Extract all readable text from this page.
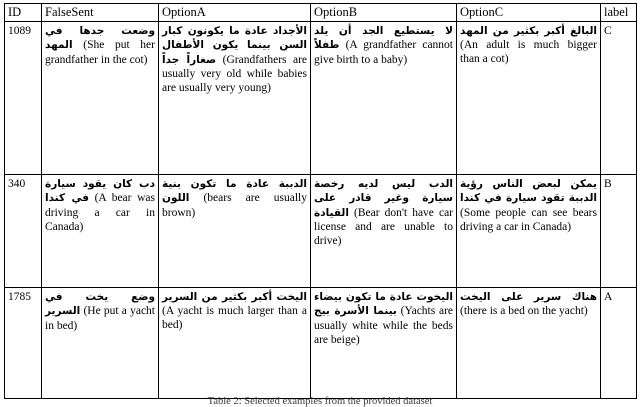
ID	FalseSent	OptionA	OptionB	OptionC	label
1089	وضعت جدها في المهد (She put her grandfather in the cot)	الأجداد عادة ما يكونون كبار السن بينما يكون الأطفال صغاراً جداً (Grandfathers are usually very old while babies are usually very young)	لا يستطيع الجد أن يلد طفلاً (A grandfather cannot give birth to a baby)	البالغ أكبر بكثير من المهد (An adult is much bigger than a cot)	C
340	دب كان يقود سيارة في كندا (A bear was driving a car in Canada)	الدببة عادة ما تكون بنية اللون (bears are usually brown)	الدب ليس لديه رخصة سيارة وغير قادر على القيادة (Bear don't have car license and are unable to drive)	يمكن لبعض الناس رؤية الدببة تقود سيارة في كندا (Some people can see bears driving a car in Canada)	B
1785	وضع يخت في السرير (He put a yacht in bed)	اليخت أكبر بكثير من السرير (A yacht is much larger than a bed)	اليخوت عادة ما تكون بيضاء بينما الأسرة بيج (Yachts are usually white while the beds are beige)	هناك سرير على اليخت (there is a bed on the yacht)	A
Table 2: Selected examples from the provided dataset
